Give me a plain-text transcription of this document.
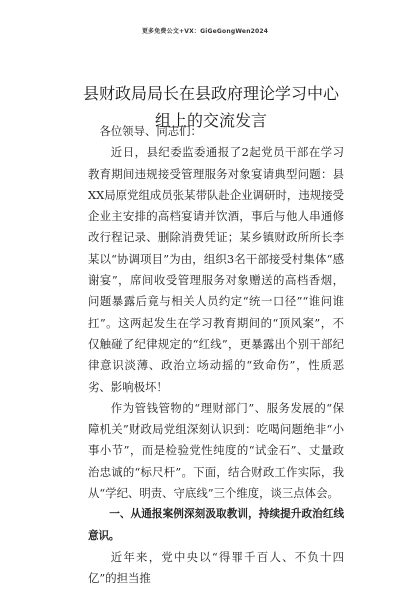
更多免费公文+VX：GiGeGongWen2024
县财政局局长在县政府理论学习中心组上的交流发言

各位领导、同志们：

近日，县纪委监委通报了2起党员干部在学习教育期间违规接受管理服务对象宴请典型问题：县XX局原党组成员张某带队赴企业调研时，违规接受企业主安排的高档宴请并饮酒，事后与他人串通修改行程记录、删除消费凭证；某乡镇财政所所长李某以“协调项目”为由，组织3名干部接受村集体“感谢宴”，席间收受管理服务对象赠送的高档香烟，问题暴露后竟与相关人员约定“统一口径”“谁问谁扛”。这两起发生在学习教育期间的“顶风案”，不仅触碰了纪律规定的“红线”，更暴露出个别干部纪律意识淡薄、政治立场动摇的“致命伤”，性质恶劣、影响极坏！

作为管钱管物的“理财部门”、服务发展的“保障机关”财政局党组深刻认识到：吃喝问题绝非“小事小节”，而是检验党性纯度的“试金石”、丈量政治忠诚的“标尺杆”。下面，结合财政工作实际，我从“学纪、明责、守底线”三个维度，谈三点体会。

一、从通报案例深刻汲取教训，持续提升政治红线意识。

近年来，党中央以“得罪千百人、不负十四亿”的担当推
